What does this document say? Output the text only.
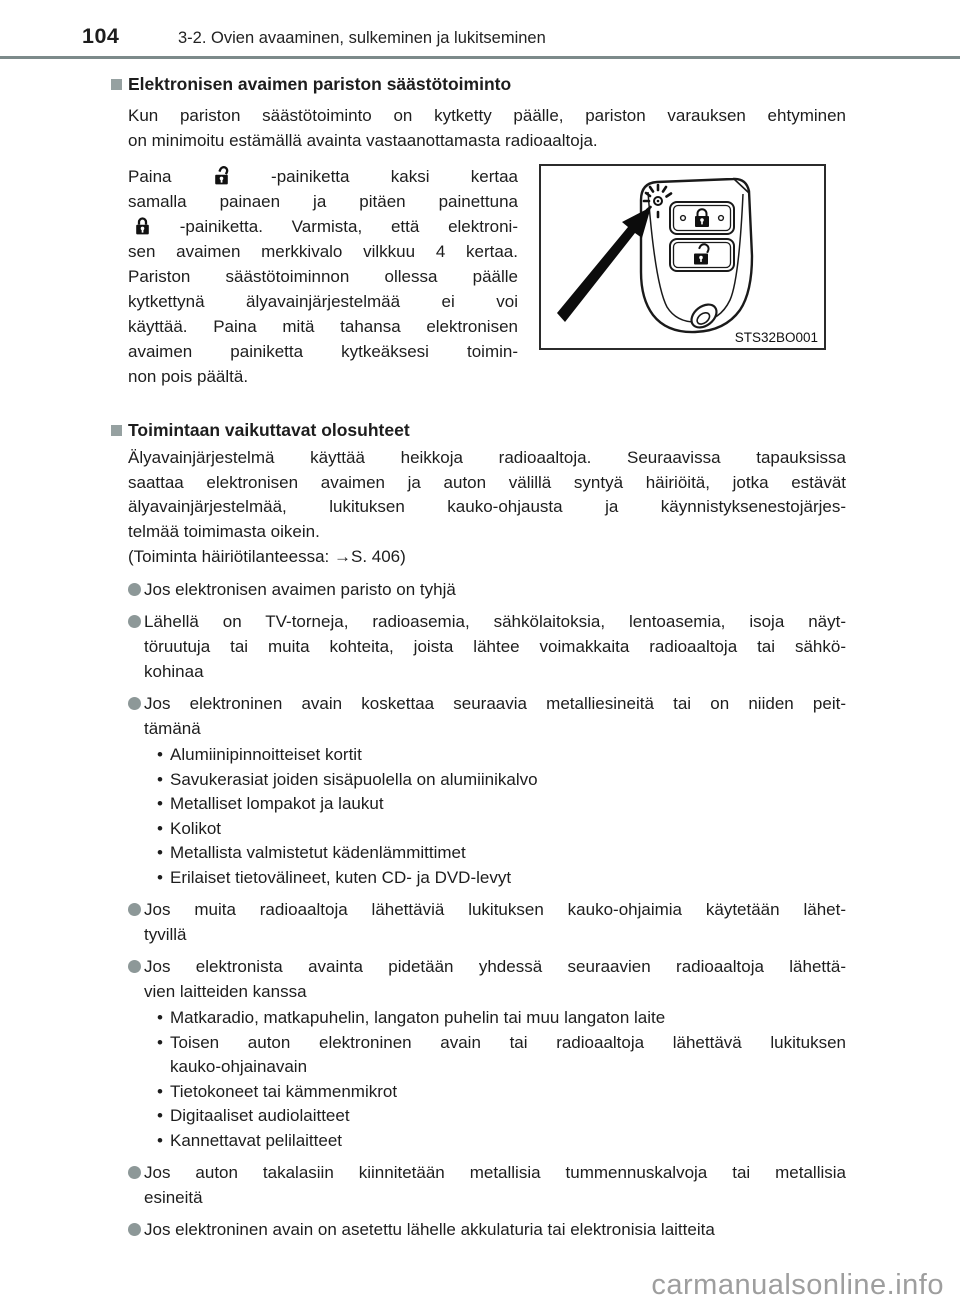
104	3-2. Ovien avaaminen, sulkeminen ja lukitseminen
Elektronisen avaimen pariston säästötoiminto
Kun pariston säästötoiminto on kytketty päälle, pariston varauksen ehtyminen
on minimoitu estämällä avainta vastaanottamasta radioaaltoja.
Paina	-painiketta kaksi kertaa
samalla painaen ja pitäen painettuna
-painiketta. Varmista, että elektroni-
sen avaimen merkkivalo vilkkuu 4 kertaa.
Pariston säästötoiminnon ollessa päälle
kytkettynä älyavainjärjestelmää ei voi
käyttää. Paina mitä tahansa elektronisen
avaimen painiketta kytkeäksesi toimin-
non pois päältä.
STS32BO001
Toimintaan vaikuttavat olosuhteet
Älyavainjärjestelmä käyttää heikkoja radioaaltoja. Seuraavissa tapauksissa
saattaa elektronisen avaimen ja auton välillä syntyä häiriöitä, jotka estävät
älyavainjärjestelmää, lukituksen kauko-ohjausta ja käynnistyksenestojärjes-
telmää toimimasta oikein.
(Toiminta häiriötilanteessa: →S. 406)
Jos elektronisen avaimen paristo on tyhjä
Lähellä on TV-torneja, radioasemia, sähkölaitoksia, lentoasemia, isoja näyt-
töruutuja tai muita kohteita, joista lähtee voimakkaita radioaaltoja tai sähkö-
kohinaa
Jos elektroninen avain koskettaa seuraavia metalliesineitä tai on niiden peit-
tämänä
• Alumiinipinnoitteiset kortit
• Savukerasiat joiden sisäpuolella on alumiinikalvo
• Metalliset lompakot ja laukut
• Kolikot
• Metallista valmistetut kädenlämmittimet
• Erilaiset tietovälineet, kuten CD- ja DVD-levyt
Jos muita radioaaltoja lähettäviä lukituksen kauko-ohjaimia käytetään lähet-
tyvillä
Jos elektronista avainta pidetään yhdessä seuraavien radioaaltoja lähettä-
vien laitteiden kanssa
• Matkaradio, matkapuhelin, langaton puhelin tai muu langaton laite
• Toisen auton elektroninen avain tai radioaaltoja lähettävä lukituksen
kauko-ohjainavain
• Tietokoneet tai kämmenmikrot
• Digitaaliset audiolaitteet
• Kannettavat pelilaitteet
Jos auton takalasiin kiinnitetään metallisia tummennuskalvoja tai metallisia
esineitä
Jos elektroninen avain on asetettu lähelle akkulaturia tai elektronisia laitteita
carmanualsonline.info
